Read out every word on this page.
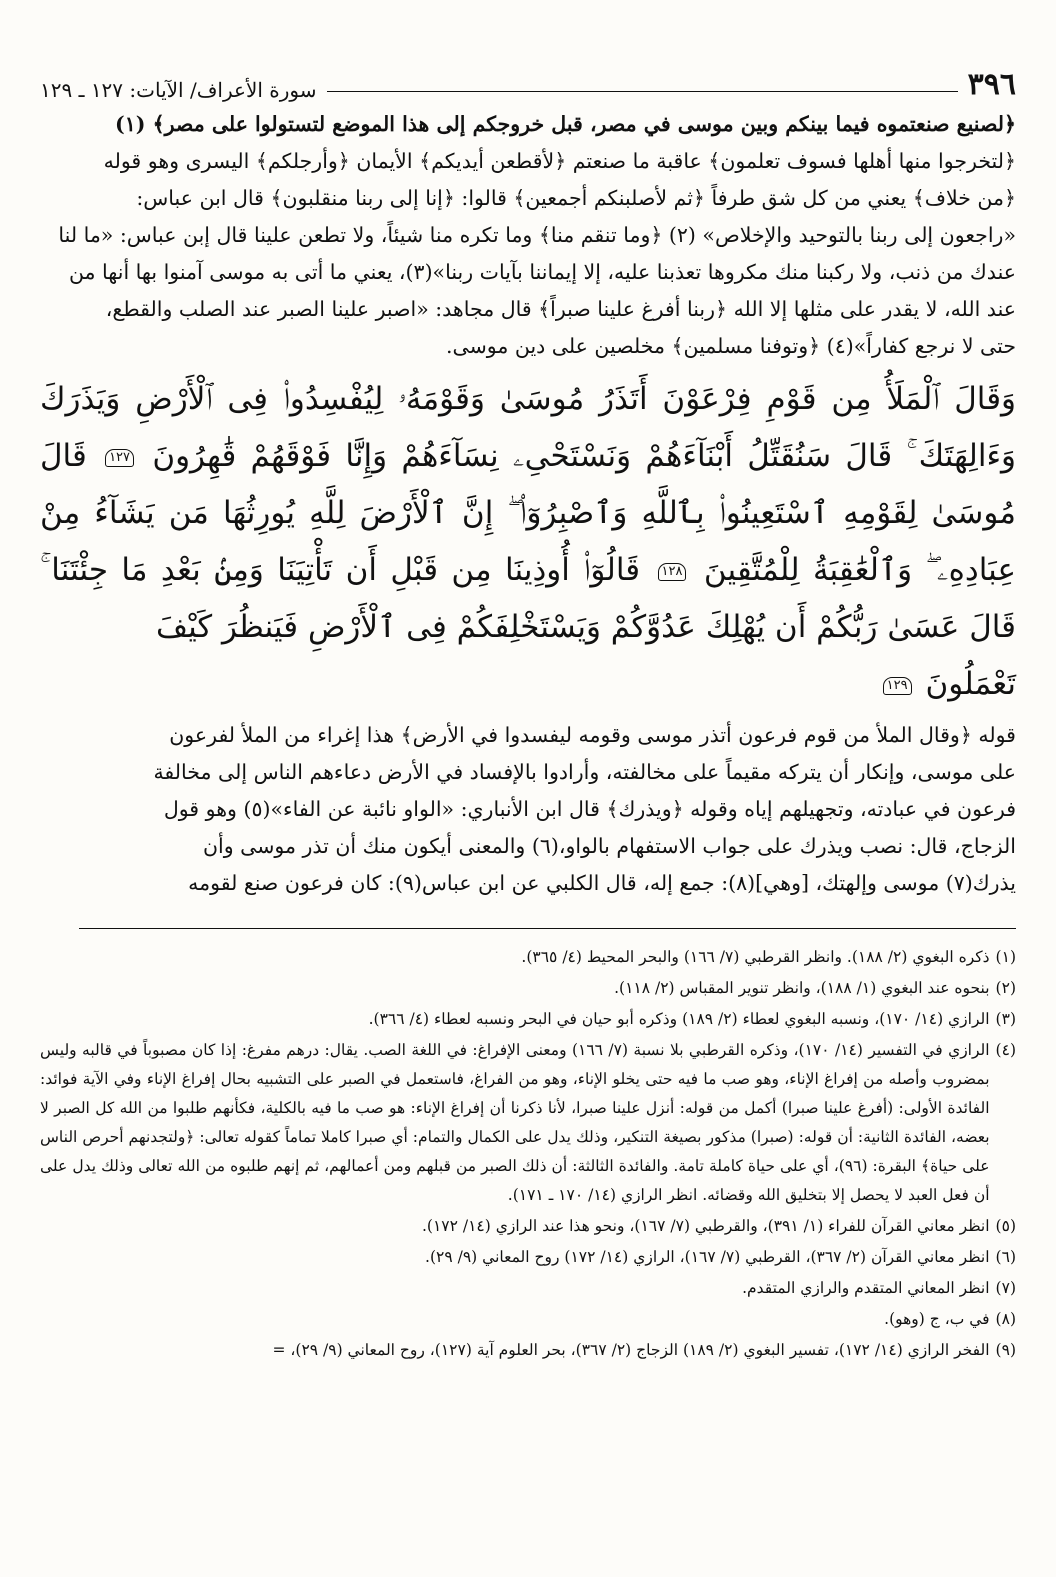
٣٩٦
سورة الأعراف/ الآيات: ١٢٧ ـ ١٢٩

﴿لصنيع صنعتموه فيما بينكم وبين موسى في مصر، قبل خروجكم إلى هذا الموضع لتستولوا على مصر﴾ (١)

﴿لتخرجوا منها أهلها فسوف تعلمون﴾ عاقبة ما صنعتم ﴿لأقطعن أيديكم﴾ الأيمان ﴿وأرجلكم﴾ اليسرى وهو قوله

﴿من خلاف﴾ يعني من كل شق طرفاً ﴿ثم لأصلبنكم أجمعين﴾ قالوا: ﴿إنا إلى ربنا منقلبون﴾ قال ابن عباس:

«راجعون إلى ربنا بالتوحيد والإخلاص» (٢) ﴿وما تنقم منا﴾ وما تكره منا شيئاً، ولا تطعن علينا قال إبن عباس: «ما لنا

عندك من ذنب، ولا ركبنا منك مكروها تعذبنا عليه، إلا إيماننا بآيات ربنا»(٣)، يعني ما أتى به موسى آمنوا بها أنها من

عند الله، لا يقدر على مثلها إلا الله ﴿ربنا أفرغ علينا صبراً﴾ قال مجاهد: «اصبر علينا الصبر عند الصلب والقطع،

حتى لا نرجع كفاراً»(٤) ﴿وتوفنا مسلمين﴾ مخلصين على دين موسى.

وَقَالَ ٱلْمَلَأُ مِن قَوْمِ فِرْعَوْنَ أَتَذَرُ مُوسَىٰ وَقَوْمَهُۥ لِيُفْسِدُوا۟ فِى ٱلْأَرْضِ وَيَذَرَكَ وَءَالِهَتَكَ ۚ قَالَ سَنُقَتِّلُ أَبْنَآءَهُمْ وَنَسْتَحْىِۦ نِسَآءَهُمْ وَإِنَّا فَوْقَهُمْ قَٰهِرُونَ ١٢٧ قَالَ مُوسَىٰ لِقَوْمِهِ ٱسْتَعِينُوا۟ بِٱللَّهِ وَٱصْبِرُوٓا۟ ۖ إِنَّ ٱلْأَرْضَ لِلَّهِ يُورِثُهَا مَن يَشَآءُ مِنْ عِبَادِهِۦ ۖ وَٱلْعَٰقِبَةُ لِلْمُتَّقِينَ ١٢٨ قَالُوٓا۟ أُوذِينَا مِن قَبْلِ أَن تَأْتِيَنَا وَمِنۢ بَعْدِ مَا جِئْتَنَا ۚ قَالَ عَسَىٰ رَبُّكُمْ أَن يُهْلِكَ عَدُوَّكُمْ وَيَسْتَخْلِفَكُمْ فِى ٱلْأَرْضِ فَيَنظُرَ كَيْفَ
تَعْمَلُونَ ١٢٩

قوله ﴿وقال الملأ من قوم فرعون أتذر موسى وقومه ليفسدوا في الأرض﴾ هذا إغراء من الملأ لفرعون

على موسى، وإنكار أن يتركه مقيماً على مخالفته، وأرادوا بالإفساد في الأرض دعاءهم الناس إلى مخالفة

فرعون في عبادته، وتجهيلهم إياه وقوله ﴿ويذرك﴾ قال ابن الأنباري: «الواو نائبة عن الفاء»(٥) وهو قول

الزجاج، قال: نصب ويذرك على جواب الاستفهام بالواو،(٦) والمعنى أيكون منك أن تذر موسى وأن

يذرك(٧) موسى وإلهتك، [وهي](٨): جمع إله، قال الكلبي عن ابن عباس(٩): كان فرعون صنع لقومه

(١)
ذكره البغوي (٢/ ١٨٨). وانظر القرطبي (٧/ ١٦٦) والبحر المحيط (٤/ ٣٦٥).
(٢)
بنحوه عند البغوي (١/ ١٨٨)، وانظر تنوير المقباس (٢/ ١١٨).
(٣)
الرازي (١٤/ ١٧٠)، ونسبه البغوي لعطاء (٢/ ١٨٩) وذكره أبو حيان في البحر ونسبه لعطاء (٤/ ٣٦٦).
(٤)
الرازي في التفسير (١٤/ ١٧٠)، وذكره القرطبي بلا نسبة (٧/ ١٦٦) ومعنى الإفراغ: في اللغة الصب. يقال: درهم مفرغ: إذا كان مصبوباً في قالبه وليس بمضروب وأصله من إفراغ الإناء، وهو صب ما فيه حتى يخلو الإناء، وهو من الفراغ، فاستعمل في الصبر على التشبيه بحال إفراغ الإناء وفي الآية فوائد: الفائدة الأولى: (أفرغ علينا صبرا) أكمل من قوله: أنزل علينا صبرا، لأنا ذكرنا أن إفراغ الإناء: هو صب ما فيه بالكلية، فكأنهم طلبوا من الله كل الصبر لا بعضه، الفائدة الثانية: أن قوله: (صبرا) مذكور بصيغة التنكير، وذلك يدل على الكمال والتمام: أي صبرا كاملا تماماً كقوله تعالى: ﴿ولتجدنهم أحرص الناس على حياة﴾ البقرة: (٩٦)، أي على حياة كاملة تامة. والفائدة الثالثة: أن ذلك الصبر من قبلهم ومن أعمالهم، ثم إنهم طلبوه من الله تعالى وذلك يدل على أن فعل العبد لا يحصل إلا بتخليق الله وقضائه. انظر الرازي (١٤/ ١٧٠ ـ ١٧١).
(٥)
انظر معاني القرآن للفراء (١/ ٣٩١)، والقرطبي (٧/ ١٦٧)، ونحو هذا عند الرازي (١٤/ ١٧٢).
(٦)
انظر معاني القرآن (٢/ ٣٦٧)، القرطبي (٧/ ١٦٧)، الرازي (١٤/ ١٧٢) روح المعاني (٩/ ٢٩).
(٧)
انظر المعاني المتقدم والرازي المتقدم.
(٨)
في ب، ج (وهو).
(٩)
الفخر الرازي (١٤/ ١٧٢)، تفسير البغوي (٢/ ١٨٩) الزجاج (٢/ ٣٦٧)، بحر العلوم آية (١٢٧)، روح المعاني (٩/ ٢٩)، =
